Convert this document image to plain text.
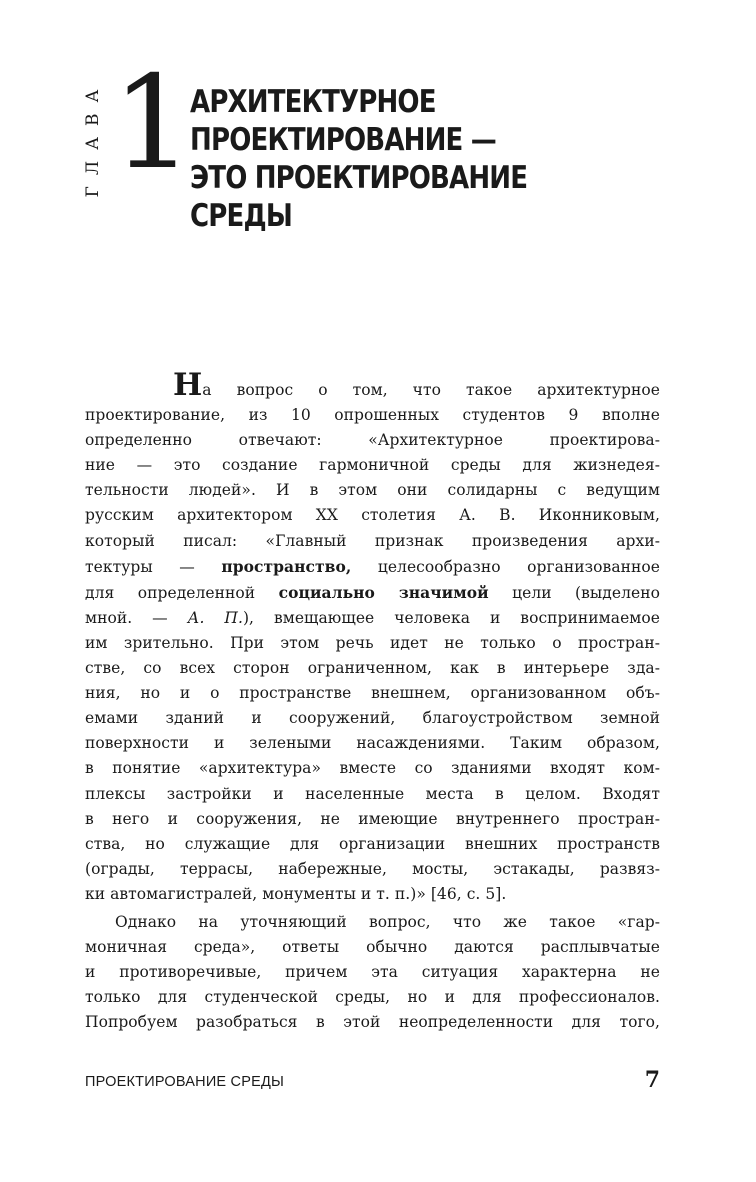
ГЛАВА 1
АРХИТЕКТУРНОЕ
ПРОЕКТИРОВАНИЕ —
ЭТО ПРОЕКТИРОВАНИЕ
СРЕДЫ
На вопрос о том, что такое архитектурное
проектирование, из 10 опрошенных студентов 9 вполне
определенно отвечают: «Архитектурное проектирова-
ние — это создание гармоничной среды для жизнедея-
тельности людей». И в этом они солидарны с ведущим
русским архитектором XX столетия А. В. Иконниковым,
который писал: «Главный признак произведения архи-
тектуры — пространство, целесообразно организованное
для определенной социально значимой цели (выделено
мной. — А. П.), вмещающее человека и воспринимаемое
им зрительно. При этом речь идет не только о простран-
стве, со всех сторон ограниченном, как в интерьере зда-
ния, но и о пространстве внешнем, организованном объ-
емами зданий и сооружений, благоустройством земной
поверхности и зелеными насаждениями. Таким образом,
в понятие «архитектура» вместе со зданиями входят ком-
плексы застройки и населенные места в целом. Входят
в него и сооружения, не имеющие внутреннего простран-
ства, но служащие для организации внешних пространств
(ограды, террасы, набережные, мосты, эстакады, развяз-
ки автомагистралей, монументы и т. п.)» [46, с. 5].
Однако на уточняющий вопрос, что же такое «гар-
моничная среда», ответы обычно даются расплывчатые
и противоречивые, причем эта ситуация характерна не
только для студенческой среды, но и для профессионалов.
Попробуем разобраться в этой неопределенности для того,
ПРОЕКТИРОВАНИЕ СРЕДЫ	7
